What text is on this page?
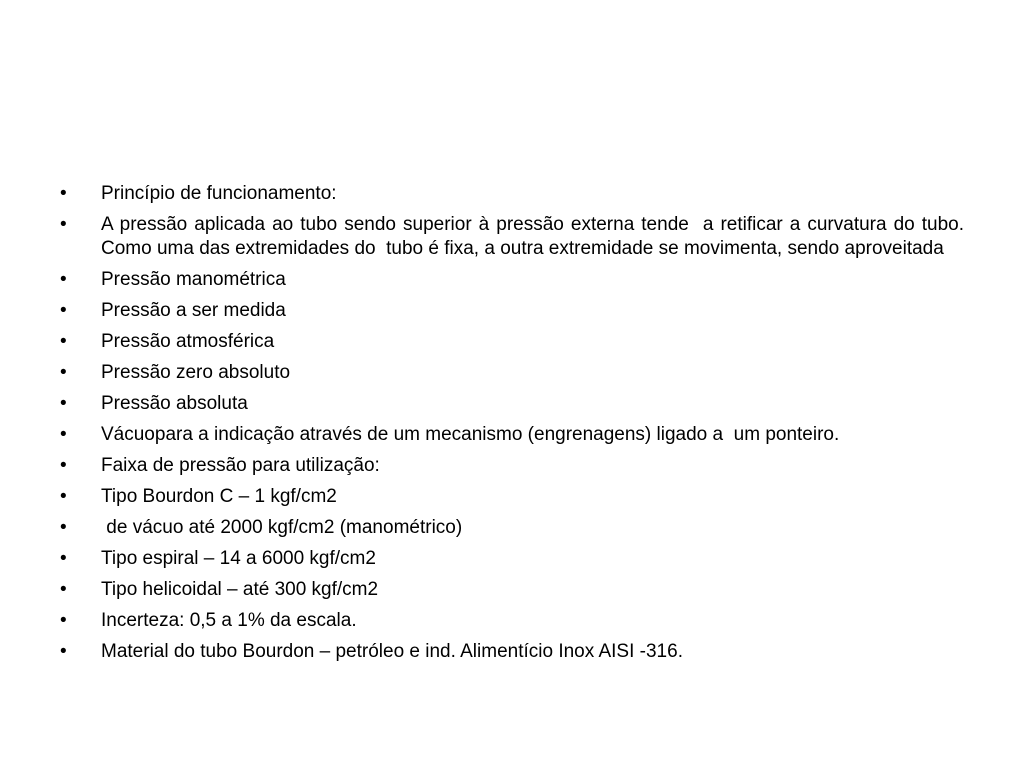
•	Princípio de funcionamento:
•	A pressão aplicada ao tubo sendo superior à pressão externa tende  a retificar a curvatura do tubo. Como uma das extremidades do  tubo é fixa, a outra extremidade se movimenta, sendo aproveitada
•	Pressão manométrica
•	Pressão a ser medida
•	Pressão atmosférica
•	Pressão zero absoluto
•	Pressão absoluta
•	Vácuopara a indicação através de um mecanismo (engrenagens) ligado a  um ponteiro.
•	Faixa de pressão para utilização:
•	Tipo Bourdon C – 1 kgf/cm2
•	de vácuo até 2000 kgf/cm2 (manométrico)
•	Tipo espiral – 14 a 6000 kgf/cm2
•	Tipo helicoidal – até 300 kgf/cm2
•	Incerteza: 0,5 a 1% da escala.
•	Material do tubo Bourdon – petróleo e ind. Alimentício Inox AISI -316.
